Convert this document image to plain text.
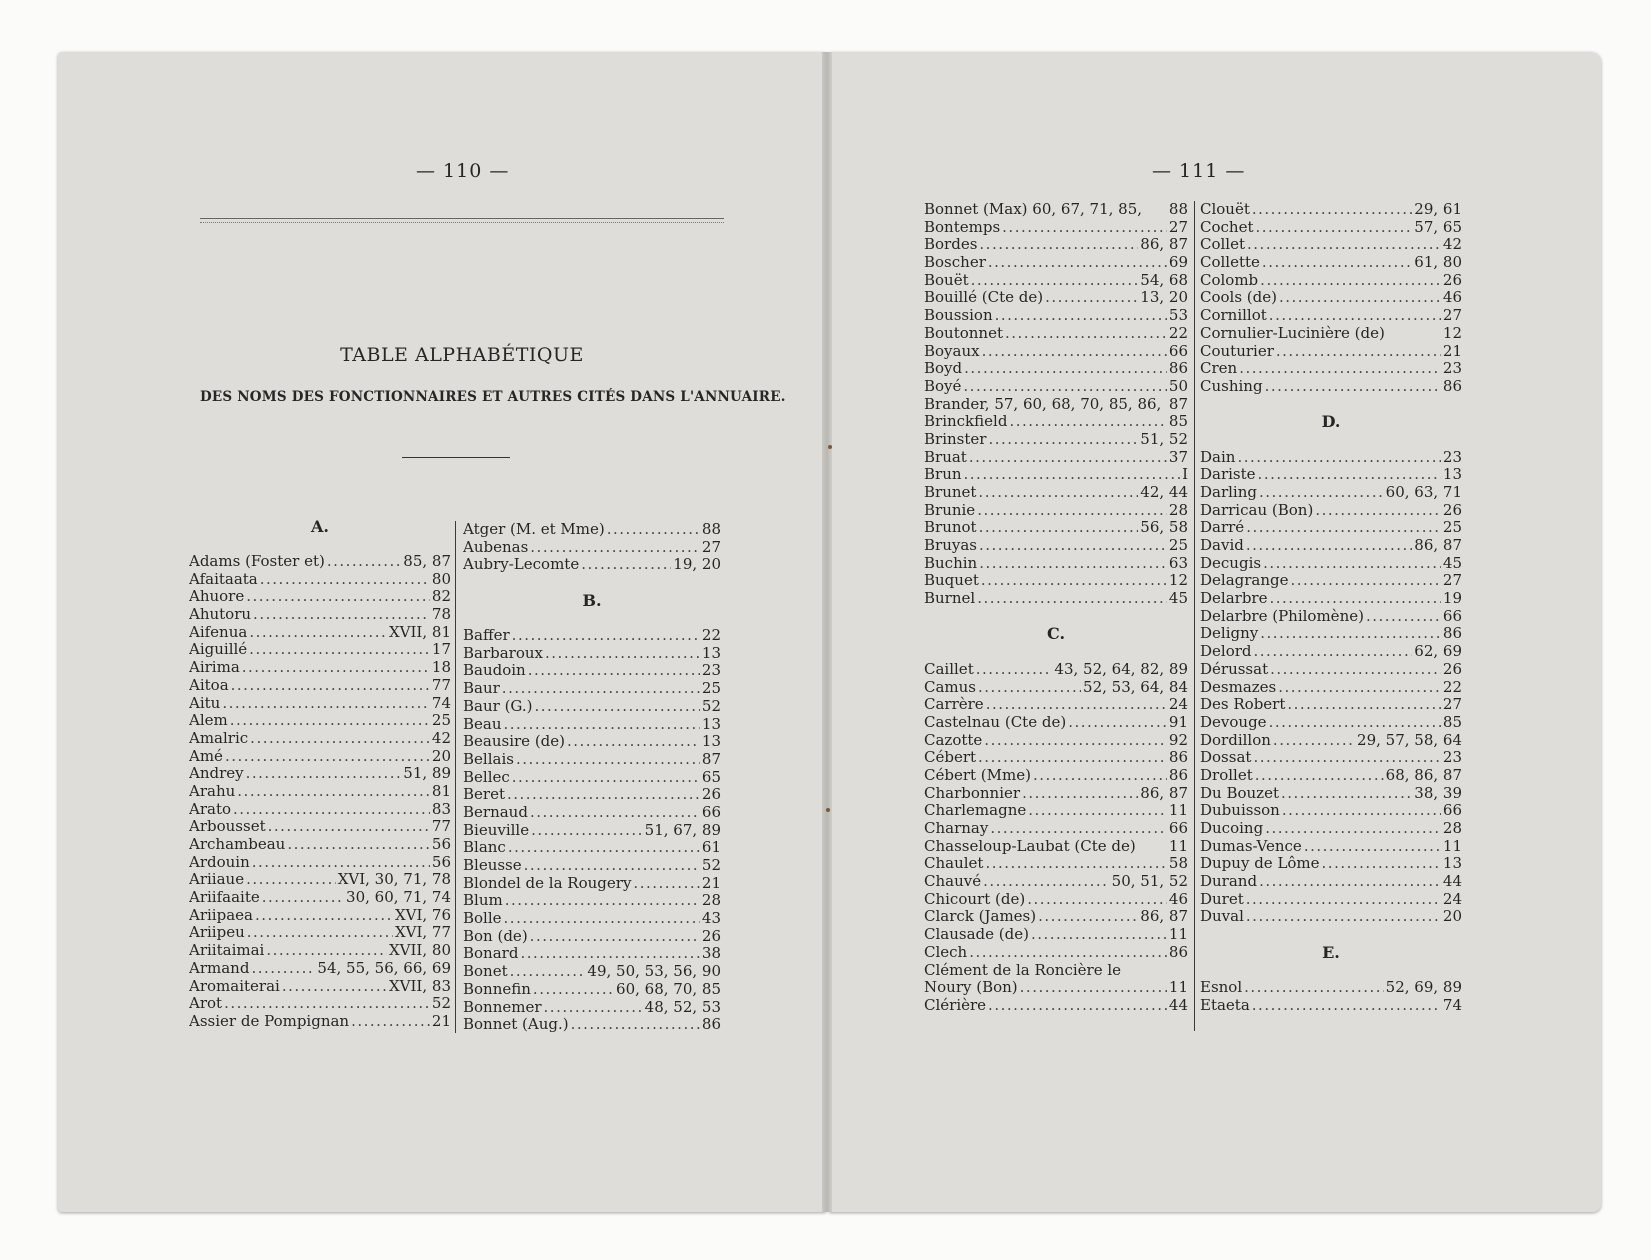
— 110 —
TABLE ALPHABÉTIQUE
DES NOMS DES FONCTIONNAIRES ET AUTRES CITÉS DANS L'ANNUAIRE.
— 111 —
A.
Adams (Foster et) .....	85, 87
Afaitaata .....	80
Ahuore .....	82
Ahutoru .....	78
Aifenua .....	XVII, 81
Aiguillé .....	17
Airima .....	18
Aitoa .....	77
Aitu .....	74
Alem .....	25
Amalric .....	42
Amé .....	20
Andrey .....	51, 89
Arahu .....	81
Arato .....	83
Arbousset .....	77
Archambeau .....	56
Ardouin .....	56
Ariiaue .....	XVI, 30, 71, 78
Ariifaaite .....	30, 60, 71, 74
Ariipaea .....	XVI, 76
Ariipeu .....	XVI, 77
Ariitaimai .....	XVII, 80
Armand .....	54, 55, 56, 66, 69
Aromaiterai .....	XVII, 83
Arot .....	52
Assier de Pompignan .....	21
Atger (M. et Mme) .....	88
Aubenas .....	27
Aubry-Lecomte .....	19, 20
B.
Baffer .....	22
Barbaroux .....	13
Baudoin .....	23
Baur .....	25
Baur (G.) .....	52
Beau .....	13
Beausire (de) .....	13
Bellais .....	87
Bellec .....	65
Beret .....	26
Bernaud .....	66
Bieuville .....	51, 67, 89
Blanc .....	61
Bleusse .....	52
Blondel de la Rougery .....	21
Blum .....	28
Bolle .....	43
Bon (de) .....	26
Bonard .....	38
Bonet .....	49, 50, 53, 56, 90
Bonnefin .....	60, 68, 70, 85
Bonnemer .....	48, 52, 53
Bonnet (Aug.) .....	86
Bonnet (Max) 60, 67, 71, 85, 88
Bontemps .....	27
Bordes .....	86, 87
Boscher .....	69
Bouët .....	54, 68
Bouillé (Cte de) .....	13, 20
Boussion .....	53
Boutonnet .....	22
Boyaux .....	66
Boyd .....	86
Boyé .....	50
Brander, 57, 60, 68, 70, 85, 86, 87
Brinckfield .....	85
Brinster .....	51, 52
Bruat .....	37
Brun .....	I
Brunet .....	42, 44
Brunie .....	28
Brunot .....	56, 58
Bruyas .....	25
Buchin .....	63
Buquet .....	12
Burnel .....	45
C.
Caillet .....	43, 52, 64, 82, 89
Camus .....	52, 53, 64, 84
Carrère .....	24
Castelnau (Cte de) .....	91
Cazotte .....	92
Cébert .....	86
Cébert (Mme) .....	86
Charbonnier .....	86, 87
Charlemagne .....	11
Charnay .....	66
Chasseloup-Laubat (Cte de) 11
Chaulet .....	58
Chauvé .....	50, 51, 52
Chicourt (de) .....	46
Clarck (James) .....	86, 87
Clausade (de) .....	11
Clech .....	86
Clément de la Roncière le
Noury (Bon) .....	11
Clérière .....	44
Clouët .....	29, 61
Cochet .....	57, 65
Collet .....	42
Collette .....	61, 80
Colomb .....	26
Cools (de) .....	46
Cornillot .....	27
Cornulier-Lucinière (de)	12
Couturier .....	21
Cren .....	23
Cushing .....	86
D.
Dain .....	23
Dariste .....	13
Darling .....	60, 63, 71
Darricau (Bon) .....	26
Darré .....	25
David .....	86, 87
Decugis .....	45
Delagrange .....	27
Delarbre .....	19
Delarbre (Philomène) .....	66
Deligny .....	86
Delord .....	62, 69
Dérussat .....	26
Desmazes .....	22
Des Robert .....	27
Devouge .....	85
Dordillon .....	29, 57, 58, 64
Dossat .....	23
Drollet .....	68, 86, 87
Du Bouzet .....	38, 39
Dubuisson .....	66
Ducoing .....	28
Dumas-Vence .....	11
Dupuy de Lôme .....	13
Durand .....	44
Duret .....	24
Duval .....	20
E.
Esnol .....	52, 69, 89
Etaeta .....	74
